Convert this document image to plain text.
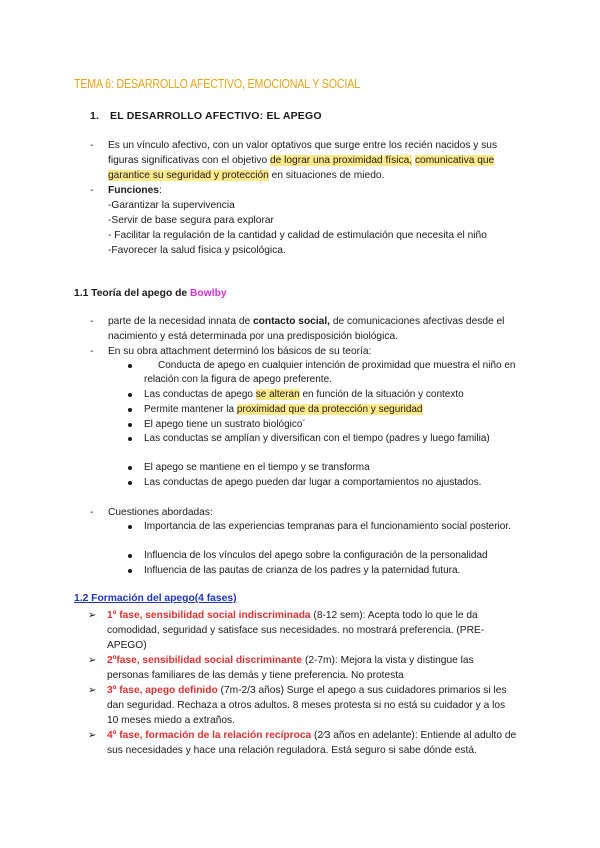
TEMA 6: DESARROLLO AFECTIVO, EMOCIONAL Y SOCIAL
1. EL DESARROLLO AFECTIVO: EL APEGO
- Es un vínculo afectivo, con un valor optativos que surge entre los recién nacidos y sus figuras significativas con el objetivo de lograr una proximidad física, comunicativa que garantice su seguridad y protección en situaciones de miedo.
- Funciones:
-Garantizar la supervivencia
-Servir de base segura para explorar
- Facilitar la regulación de la cantidad y calidad de estimulación que necesita el niño
-Favorecer la salud física y psicológica.
1.1 Teoría del apego de Bowlby
- parte de la necesidad innata de contacto social, de comunicaciones afectivas desde el nacimiento y está determinada por una predisposición biológica.
- En su obra attachment determinó los básicos de su teoría:
Conducta de apego en cualquier intención de proximidad que muestra el niño en relación con la figura de apego preferente.
Las conductas de apego se alteran en función de la situación y contexto
Permite mantener la proximidad que da protección y seguridad
El apego tiene un sustrato biológico´
Las conductas se amplían y diversifican con el tiempo (padres y luego familia)
El apego se mantiene en el tiempo y se transforma
Las conductas de apego pueden dar lugar a comportamientos no ajustados.
- Cuestiones abordadas:
Importancia de las experiencias tempranas para el funcionamiento social posterior.
Influencia de los vínculos del apego sobre la configuración de la personalidad
Influencia de las pautas de crianza de los padres y la paternidad futura.
1.2 Formación del apego(4 fases)
➢ 1º fase, sensibilidad social indiscriminada (8-12 sem): Acepta todo lo que le da comodidad, seguridad y satisface sus necesidades. no mostrará preferencia. (PRE-APEGO)
➢ 2ºfase, sensibilidad social discriminante (2-7m): Mejora la vista y distingue las personas familiares de las demás y tiene preferencia. No protesta
➢ 3º fase, apego definido (7m-2/3 años) Surge el apego a sus cuidadores primarios si les dan seguridad. Rechaza a otros adultos. 8 meses protesta si no está su cuidador y a los 10 meses miedo a extraños.
➢ 4º fase, formación de la relación recíproca (2⁄3 años en adelante): Entiende al adulto de sus necesidades y hace una relación reguladora. Está seguro si sabe dónde está.
